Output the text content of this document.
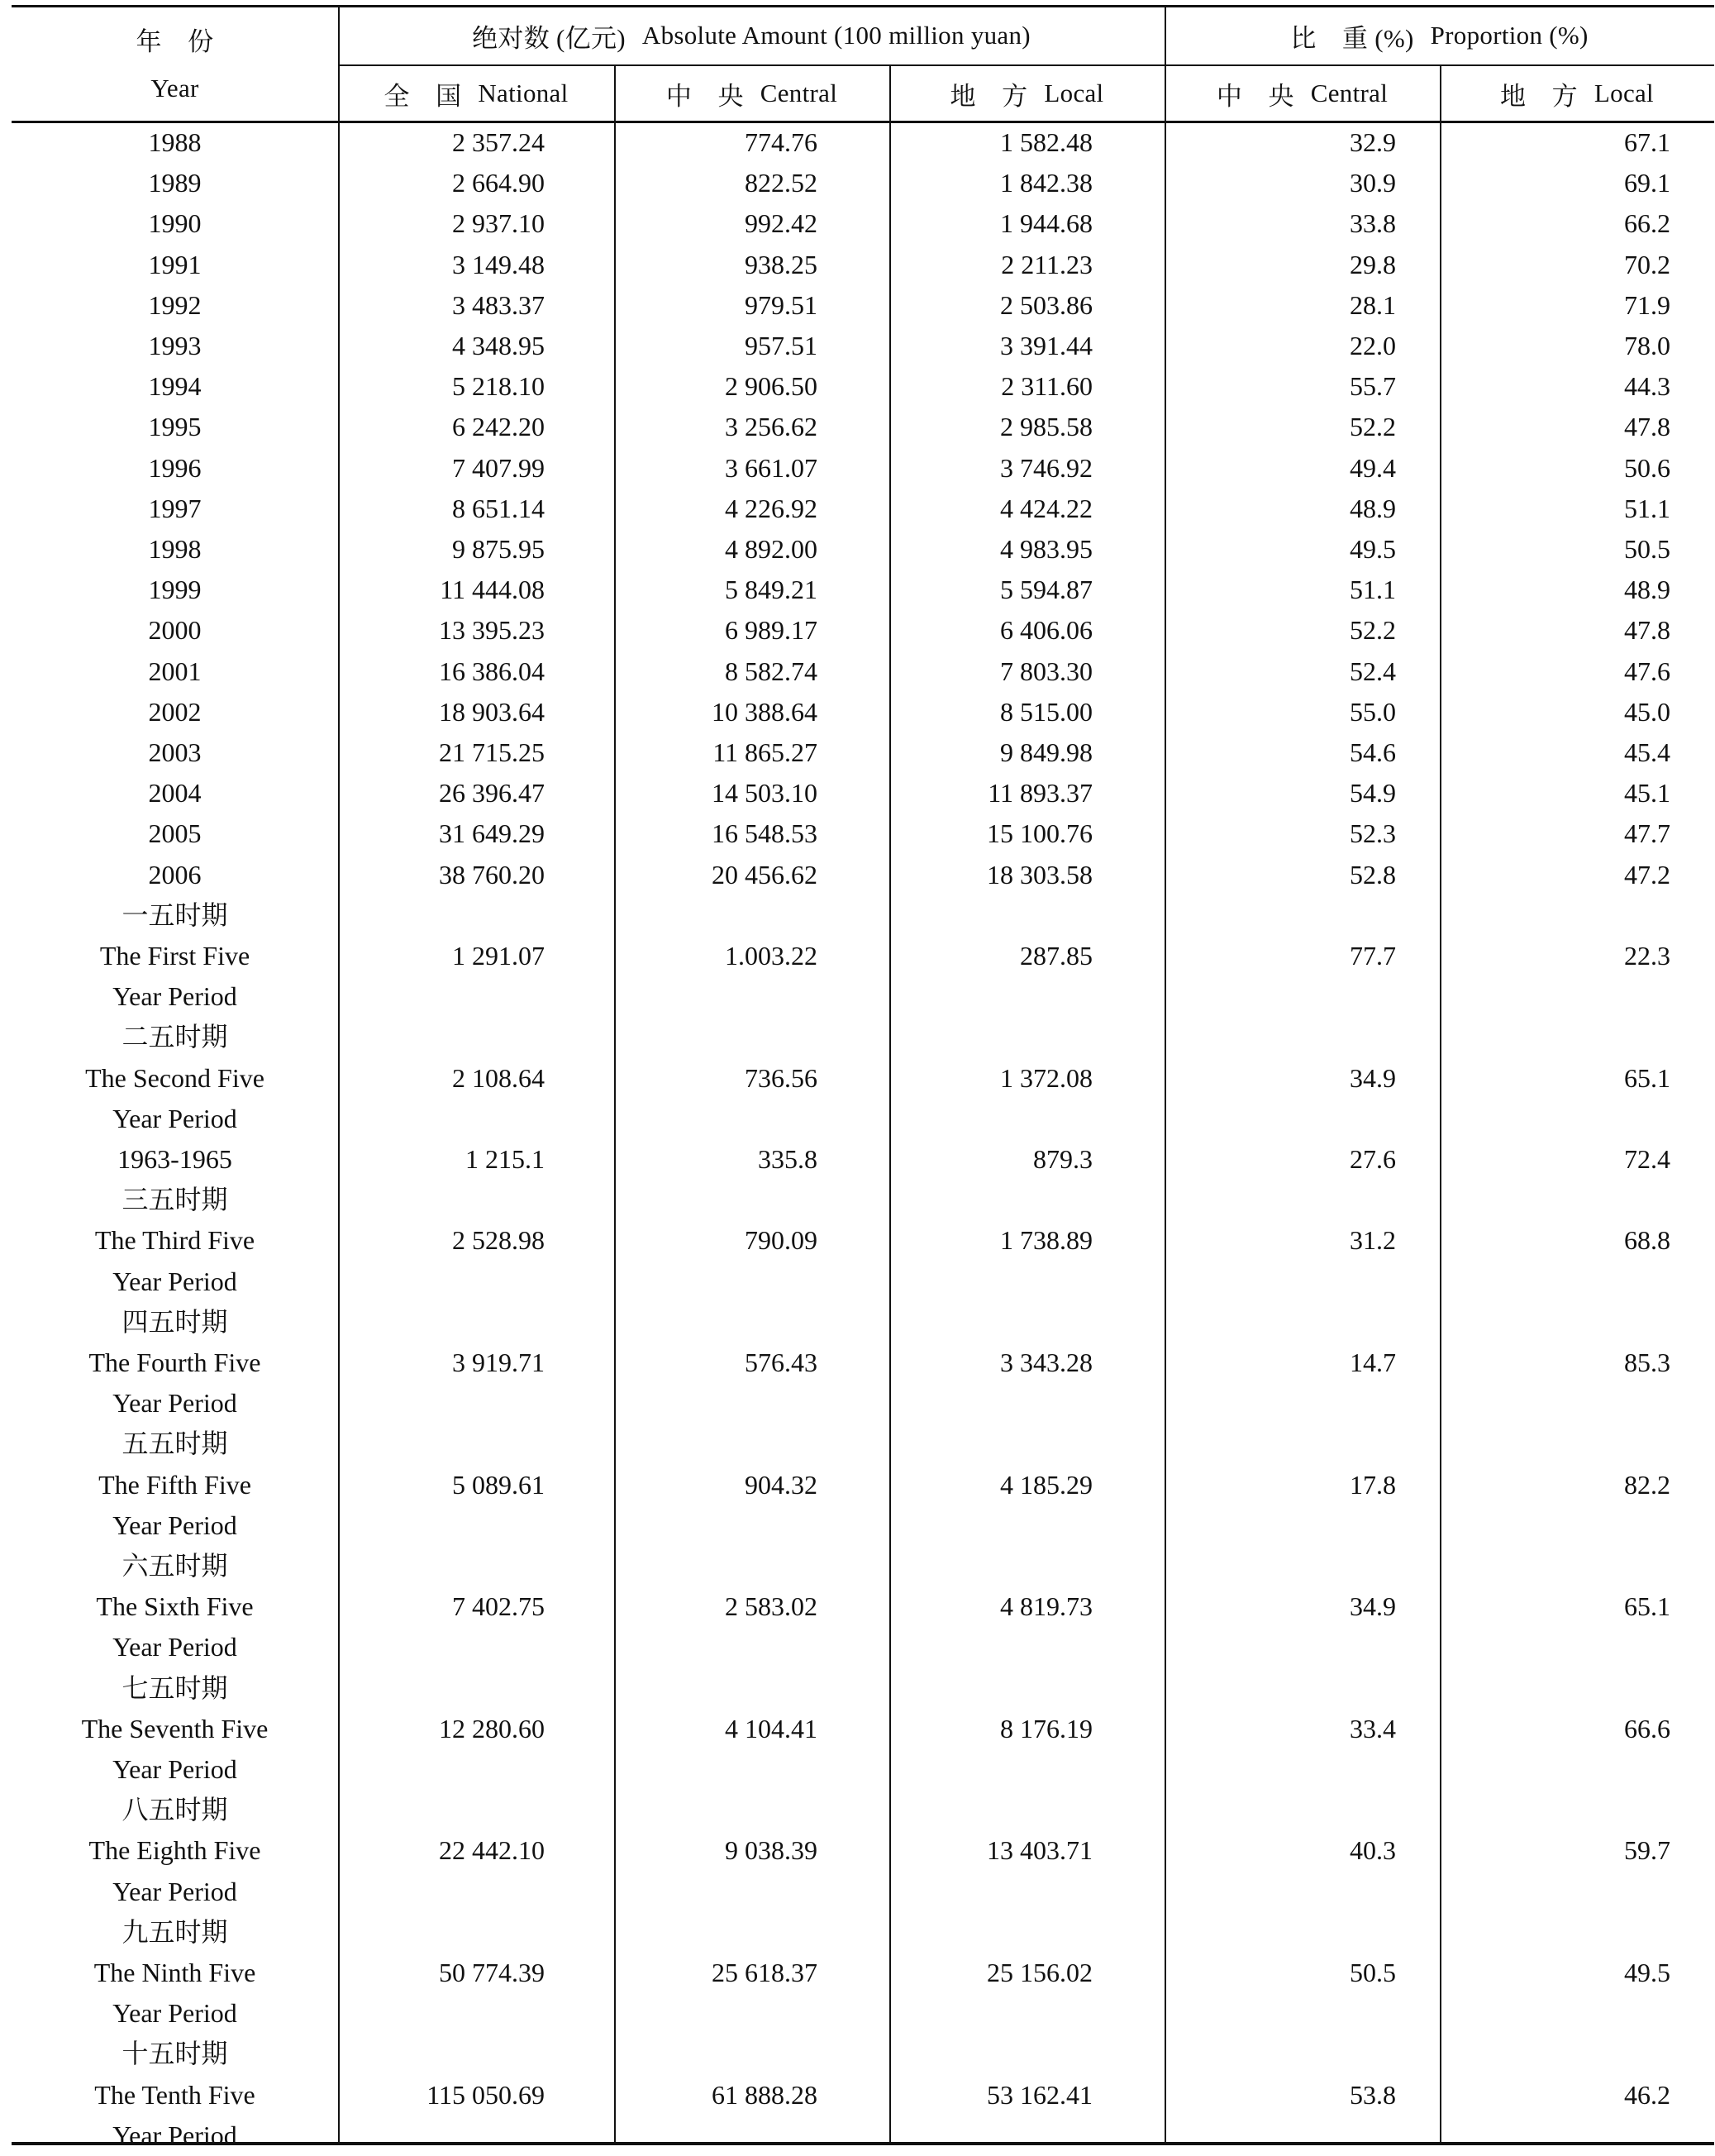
年　份
Year
绝对数 (亿元) Absolute Amount (100 million yuan)	比　重 (%) Proportion (%)
全　国 National	中　央 Central	地　方 Local	中　央 Central	地　方 Local
1988	2 357.24	774.76	1 582.48	32.9	67.1
1989	2 664.90	822.52	1 842.38	30.9	69.1
1990	2 937.10	992.42	1 944.68	33.8	66.2
1991	3 149.48	938.25	2 211.23	29.8	70.2
1992	3 483.37	979.51	2 503.86	28.1	71.9
1993	4 348.95	957.51	3 391.44	22.0	78.0
1994	5 218.10	2 906.50	2 311.60	55.7	44.3
1995	6 242.20	3 256.62	2 985.58	52.2	47.8
1996	7 407.99	3 661.07	3 746.92	49.4	50.6
1997	8 651.14	4 226.92	4 424.22	48.9	51.1
1998	9 875.95	4 892.00	4 983.95	49.5	50.5
1999	11 444.08	5 849.21	5 594.87	51.1	48.9
2000	13 395.23	6 989.17	6 406.06	52.2	47.8
2001	16 386.04	8 582.74	7 803.30	52.4	47.6
2002	18 903.64	10 388.64	8 515.00	55.0	45.0
2003	21 715.25	11 865.27	9 849.98	54.6	45.4
2004	26 396.47	14 503.10	11 893.37	54.9	45.1
2005	31 649.29	16 548.53	15 100.76	52.3	47.7
2006	38 760.20	20 456.62	18 303.58	52.8	47.2
一五时期
The First Five	1 291.07	1.003.22	287.85	77.7	22.3
Year Period
二五时期
The Second Five	2 108.64	736.56	1 372.08	34.9	65.1
Year Period
1963-1965	1 215.1	335.8	879.3	27.6	72.4
三五时期
The Third Five	2 528.98	790.09	1 738.89	31.2	68.8
Year Period
四五时期
The Fourth Five	3 919.71	576.43	3 343.28	14.7	85.3
Year Period
五五时期
The Fifth Five	5 089.61	904.32	4 185.29	17.8	82.2
Year Period
六五时期
The Sixth Five	7 402.75	2 583.02	4 819.73	34.9	65.1
Year Period
七五时期
The Seventh Five	12 280.60	4 104.41	8 176.19	33.4	66.6
Year Period
八五时期
The Eighth Five	22 442.10	9 038.39	13 403.71	40.3	59.7
Year Period
九五时期
The Ninth Five	50 774.39	25 618.37	25 156.02	50.5	49.5
Year Period
十五时期
The Tenth Five	115 050.69	61 888.28	53 162.41	53.8	46.2
Year Period
